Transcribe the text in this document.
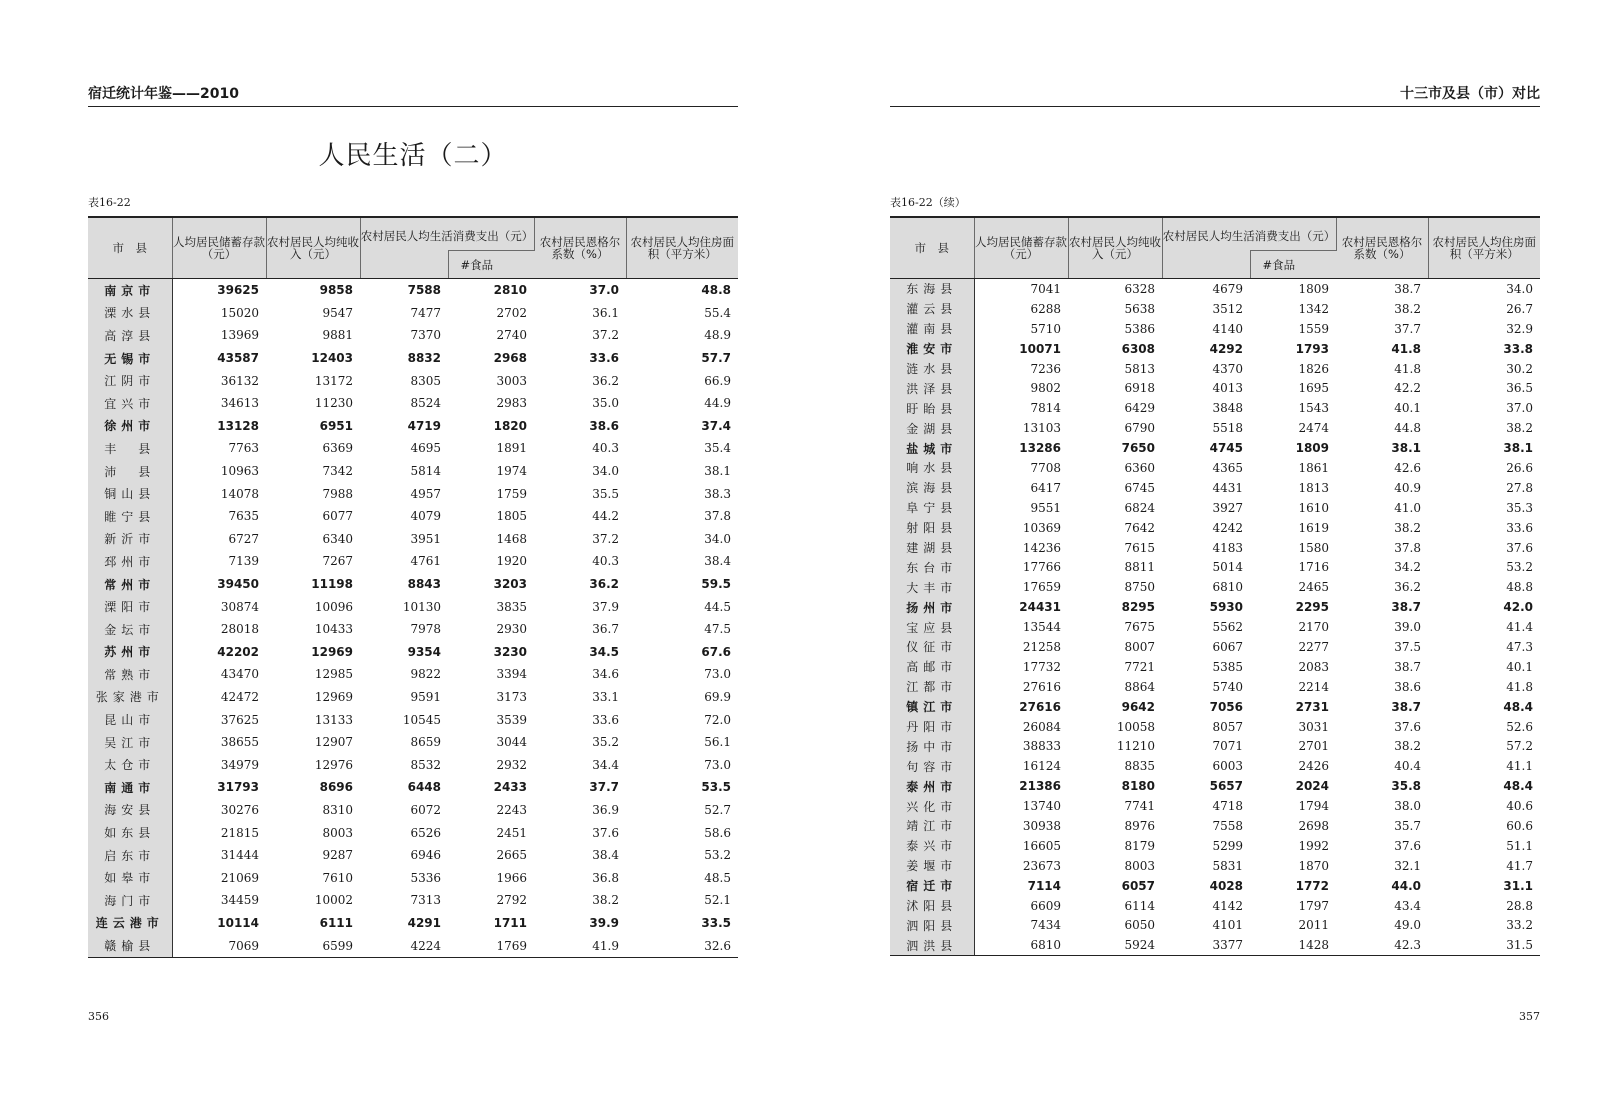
宿迁统计年鉴——2010
人民生活（二）
表16-22
市　县	人均居民储蓄存款（元）	农村居民人均纯收入（元）	农村居民人均生活消费支出（元）		农村居民恩格尔系数（%）	农村居民人均住房面积（平方米）
				#食品		
南京市	39625	9858	7588	2810	37.0	48.8
溧水县	15020	9547	7477	2702	36.1	55.4
高淳县	13969	9881	7370	2740	37.2	48.9
无锡市	43587	12403	8832	2968	33.6	57.7
江阴市	36132	13172	8305	3003	36.2	66.9
宜兴市	34613	11230	8524	2983	35.0	44.9
徐州市	13128	6951	4719	1820	38.6	37.4
丰　县	7763	6369	4695	1891	40.3	35.4
沛　县	10963	7342	5814	1974	34.0	38.1
铜山县	14078	7988	4957	1759	35.5	38.3
睢宁县	7635	6077	4079	1805	44.2	37.8
新沂市	6727	6340	3951	1468	37.2	34.0
邳州市	7139	7267	4761	1920	40.3	38.4
常州市	39450	11198	8843	3203	36.2	59.5
溧阳市	30874	10096	10130	3835	37.9	44.5
金坛市	28018	10433	7978	2930	36.7	47.5
苏州市	42202	12969	9354	3230	34.5	67.6
常熟市	43470	12985	9822	3394	34.6	73.0
张家港市	42472	12969	9591	3173	33.1	69.9
昆山市	37625	13133	10545	3539	33.6	72.0
吴江市	38655	12907	8659	3044	35.2	56.1
太仓市	34979	12976	8532	2932	34.4	73.0
南通市	31793	8696	6448	2433	37.7	53.5
海安县	30276	8310	6072	2243	36.9	52.7
如东县	21815	8003	6526	2451	37.6	58.6
启东市	31444	9287	6946	2665	38.4	53.2
如皋市	21069	7610	5336	1966	36.8	48.5
海门市	34459	10002	7313	2792	38.2	52.1
连云港市	10114	6111	4291	1711	39.9	33.5
赣榆县	7069	6599	4224	1769	41.9	32.6
356
十三市及县（市）对比
表16-22（续）
市　县	人均居民储蓄存款（元）	农村居民人均纯收入（元）	农村居民人均生活消费支出（元）		农村居民恩格尔系数（%）	农村居民人均住房面积（平方米）
				#食品		
东海县	7041	6328	4679	1809	38.7	34.0
灌云县	6288	5638	3512	1342	38.2	26.7
灌南县	5710	5386	4140	1559	37.7	32.9
淮安市	10071	6308	4292	1793	41.8	33.8
涟水县	7236	5813	4370	1826	41.8	30.2
洪泽县	9802	6918	4013	1695	42.2	36.5
盱眙县	7814	6429	3848	1543	40.1	37.0
金湖县	13103	6790	5518	2474	44.8	38.2
盐城市	13286	7650	4745	1809	38.1	38.1
响水县	7708	6360	4365	1861	42.6	26.6
滨海县	6417	6745	4431	1813	40.9	27.8
阜宁县	9551	6824	3927	1610	41.0	35.3
射阳县	10369	7642	4242	1619	38.2	33.6
建湖县	14236	7615	4183	1580	37.8	37.6
东台市	17766	8811	5014	1716	34.2	53.2
大丰市	17659	8750	6810	2465	36.2	48.8
扬州市	24431	8295	5930	2295	38.7	42.0
宝应县	13544	7675	5562	2170	39.0	41.4
仪征市	21258	8007	6067	2277	37.5	47.3
高邮市	17732	7721	5385	2083	38.7	40.1
江都市	27616	8864	5740	2214	38.6	41.8
镇江市	27616	9642	7056	2731	38.7	48.4
丹阳市	26084	10058	8057	3031	37.6	52.6
扬中市	38833	11210	7071	2701	38.2	57.2
句容市	16124	8835	6003	2426	40.4	41.1
泰州市	21386	8180	5657	2024	35.8	48.4
兴化市	13740	7741	4718	1794	38.0	40.6
靖江市	30938	8976	7558	2698	35.7	60.6
泰兴市	16605	8179	5299	1992	37.6	51.1
姜堰市	23673	8003	5831	1870	32.1	41.7
宿迁市	7114	6057	4028	1772	44.0	31.1
沭阳县	6609	6114	4142	1797	43.4	28.8
泗阳县	7434	6050	4101	2011	49.0	33.2
泗洪县	6810	5924	3377	1428	42.3	31.5
357
